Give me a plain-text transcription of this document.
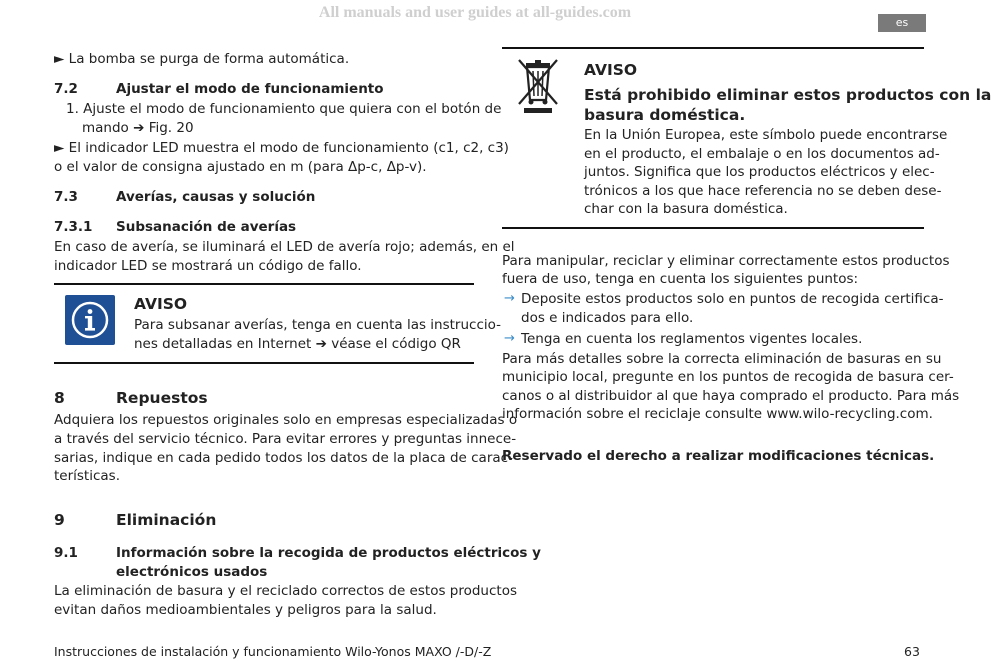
All manuals and user guides at all-guides.com
es
► La bomba se purga de forma automática.
7.2	Ajustar el modo de funcionamiento
1. Ajuste el modo de funcionamiento que quiera con el botón de
mando ➔ Fig. 20
► El indicador LED muestra el modo de funcionamiento (c1, c2, c3)
o el valor de consigna ajustado en m (para Δp-c, Δp-v).
7.3	Averías, causas y solución
7.3.1 Subsanación de averías
En caso de avería, se iluminará el LED de avería rojo; además, en el
indicador LED se mostrará un código de fallo.
AVISO
Para subsanar averías, tenga en cuenta las instruccio-
nes detalladas en Internet ➔ véase el código QR
8	Repuestos
Adquiera los repuestos originales solo en empresas especializadas o
a través del servicio técnico. Para evitar errores y preguntas innece-
sarias, indique en cada pedido todos los datos de la placa de carac-
terísticas.
9	Eliminación
9.1	Información sobre la recogida de productos eléctricos y
electrónicos usados
La eliminación de basura y el reciclado correctos de estos productos
evitan daños medioambientales y peligros para la salud.
AVISO
Está prohibido eliminar estos productos con la
basura doméstica.
En la Unión Europea, este símbolo puede encontrarse
en el producto, el embalaje o en los documentos ad-
juntos. Significa que los productos eléctricos y elec-
trónicos a los que hace referencia no se deben dese-
char con la basura doméstica.
Para manipular, reciclar y eliminar correctamente estos productos
fuera de uso, tenga en cuenta los siguientes puntos:
→ Deposite estos productos solo en puntos de recogida certifica-
dos e indicados para ello.
→ Tenga en cuenta los reglamentos vigentes locales.
Para más detalles sobre la correcta eliminación de basuras en su
municipio local, pregunte en los puntos de recogida de basura cer-
canos o al distribuidor al que haya comprado el producto. Para más
información sobre el reciclaje consulte www.wilo-recycling.com.
Reservado el derecho a realizar modificaciones técnicas.
Instrucciones de instalación y funcionamiento Wilo-Yonos MAXO /-D/-Z	63
